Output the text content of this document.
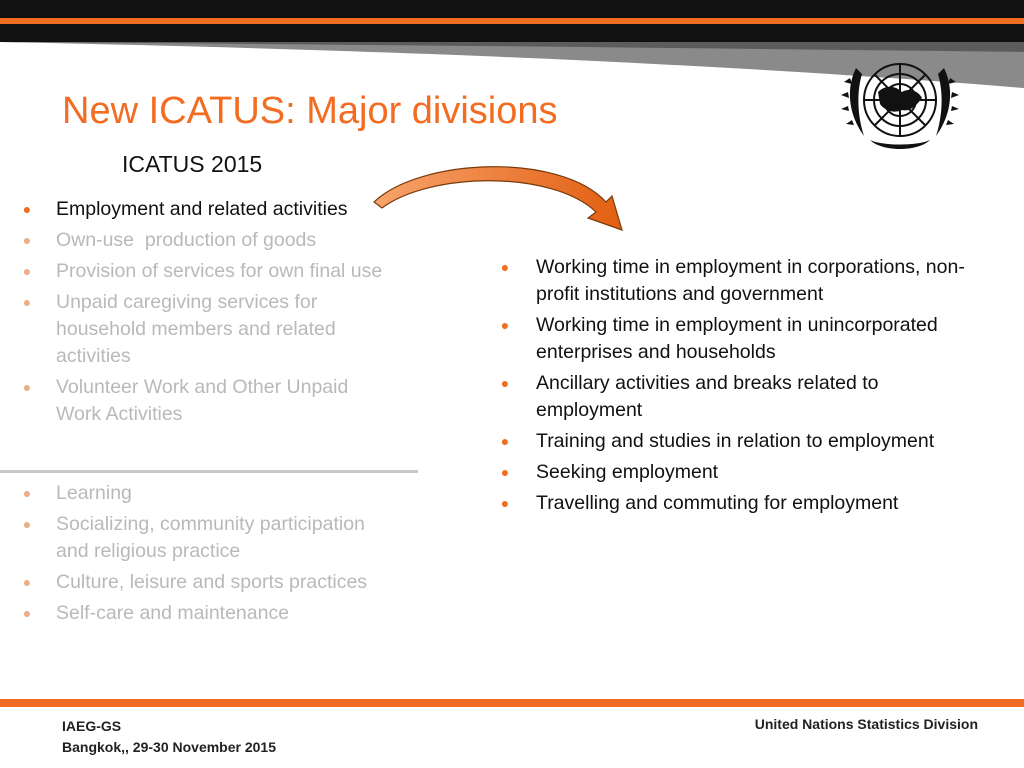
New ICATUS: Major divisions

ICATUS 2015

● Employment and related activities
● Own-use  production of goods
● Provision of services for own final use
● Unpaid caregiving services for household members and related activities
● Volunteer Work and Other Unpaid Work Activities
● Learning
● Socializing, community participation and religious practice
● Culture, leisure and sports practices
● Self-care and maintenance
● Working time in employment in corporations, non-profit institutions and government
● Working time in employment in unincorporated enterprises and households
● Ancillary activities and breaks related to employment
● Training and studies in relation to employment
● Seeking employment
● Travelling and commuting for employment
IAEG-GS
Bangkok,, 29-30 November 2015
United Nations Statistics Division
